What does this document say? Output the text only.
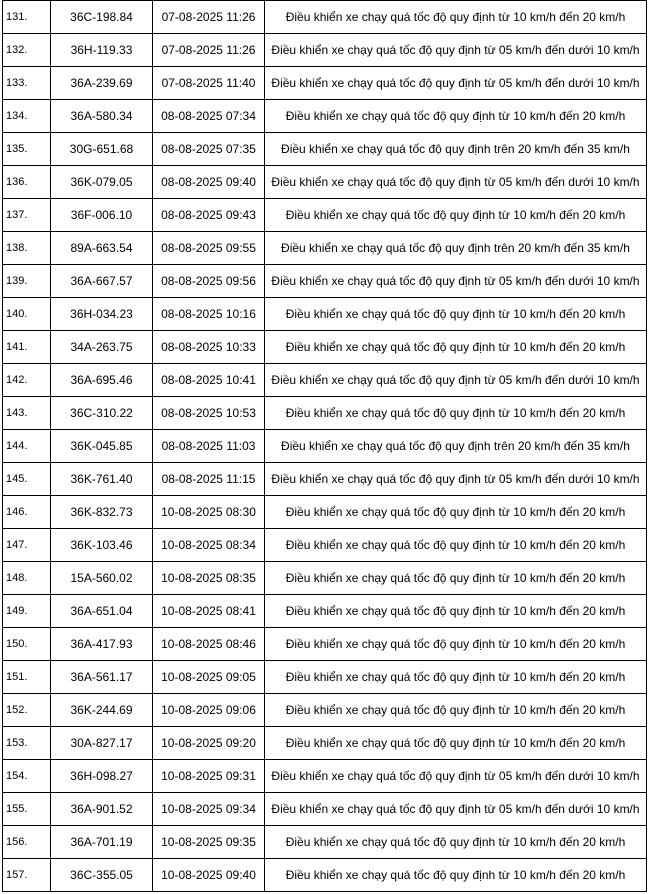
131.	36C-198.84	07-08-2025 11:26	Điều khiển xe chạy quá tốc độ quy định từ 10 km/h đến 20 km/h
132.	36H-119.33	07-08-2025 11:26	Điều khiển xe chạy quá tốc độ quy định từ 05 km/h đến dưới 10 km/h
133.	36A-239.69	07-08-2025 11:40	Điều khiển xe chạy quá tốc độ quy định từ 05 km/h đến dưới 10 km/h
134.	36A-580.34	08-08-2025 07:34	Điều khiển xe chạy quá tốc độ quy định từ 10 km/h đến 20 km/h
135.	30G-651.68	08-08-2025 07:35	Điều khiển xe chạy quá tốc độ quy định trên 20 km/h đến 35 km/h
136.	36K-079.05	08-08-2025 09:40	Điều khiển xe chạy quá tốc độ quy định từ 05 km/h đến dưới 10 km/h
137.	36F-006.10	08-08-2025 09:43	Điều khiển xe chạy quá tốc độ quy định từ 10 km/h đến 20 km/h
138.	89A-663.54	08-08-2025 09:55	Điều khiển xe chạy quá tốc độ quy định trên 20 km/h đến 35 km/h
139.	36A-667.57	08-08-2025 09:56	Điều khiển xe chạy quá tốc độ quy định từ 05 km/h đến dưới 10 km/h
140.	36H-034.23	08-08-2025 10:16	Điều khiển xe chạy quá tốc độ quy định từ 10 km/h đến 20 km/h
141.	34A-263.75	08-08-2025 10:33	Điều khiển xe chạy quá tốc độ quy định từ 10 km/h đến 20 km/h
142.	36A-695.46	08-08-2025 10:41	Điều khiển xe chạy quá tốc độ quy định từ 05 km/h đến dưới 10 km/h
143.	36C-310.22	08-08-2025 10:53	Điều khiển xe chạy quá tốc độ quy định từ 10 km/h đến 20 km/h
144.	36K-045.85	08-08-2025 11:03	Điều khiển xe chạy quá tốc độ quy định trên 20 km/h đến 35 km/h
145.	36K-761.40	08-08-2025 11:15	Điều khiển xe chạy quá tốc độ quy định từ 05 km/h đến dưới 10 km/h
146.	36K-832.73	10-08-2025 08:30	Điều khiển xe chạy quá tốc độ quy định từ 10 km/h đến 20 km/h
147.	36K-103.46	10-08-2025 08:34	Điều khiển xe chạy quá tốc độ quy định từ 10 km/h đến 20 km/h
148.	15A-560.02	10-08-2025 08:35	Điều khiển xe chạy quá tốc độ quy định từ 10 km/h đến 20 km/h
149.	36A-651.04	10-08-2025 08:41	Điều khiển xe chạy quá tốc độ quy định từ 10 km/h đến 20 km/h
150.	36A-417.93	10-08-2025 08:46	Điều khiển xe chạy quá tốc độ quy định từ 10 km/h đến 20 km/h
151.	36A-561.17	10-08-2025 09:05	Điều khiển xe chạy quá tốc độ quy định từ 10 km/h đến 20 km/h
152.	36K-244.69	10-08-2025 09:06	Điều khiển xe chạy quá tốc độ quy định từ 10 km/h đến 20 km/h
153.	30A-827.17	10-08-2025 09:20	Điều khiển xe chạy quá tốc độ quy định từ 10 km/h đến 20 km/h
154.	36H-098.27	10-08-2025 09:31	Điều khiển xe chạy quá tốc độ quy định từ 05 km/h đến dưới 10 km/h
155.	36A-901.52	10-08-2025 09:34	Điều khiển xe chạy quá tốc độ quy định từ 05 km/h đến dưới 10 km/h
156.	36A-701.19	10-08-2025 09:35	Điều khiển xe chạy quá tốc độ quy định từ 10 km/h đến 20 km/h
157.	36C-355.05	10-08-2025 09:40	Điều khiển xe chạy quá tốc độ quy định từ 10 km/h đến 20 km/h
